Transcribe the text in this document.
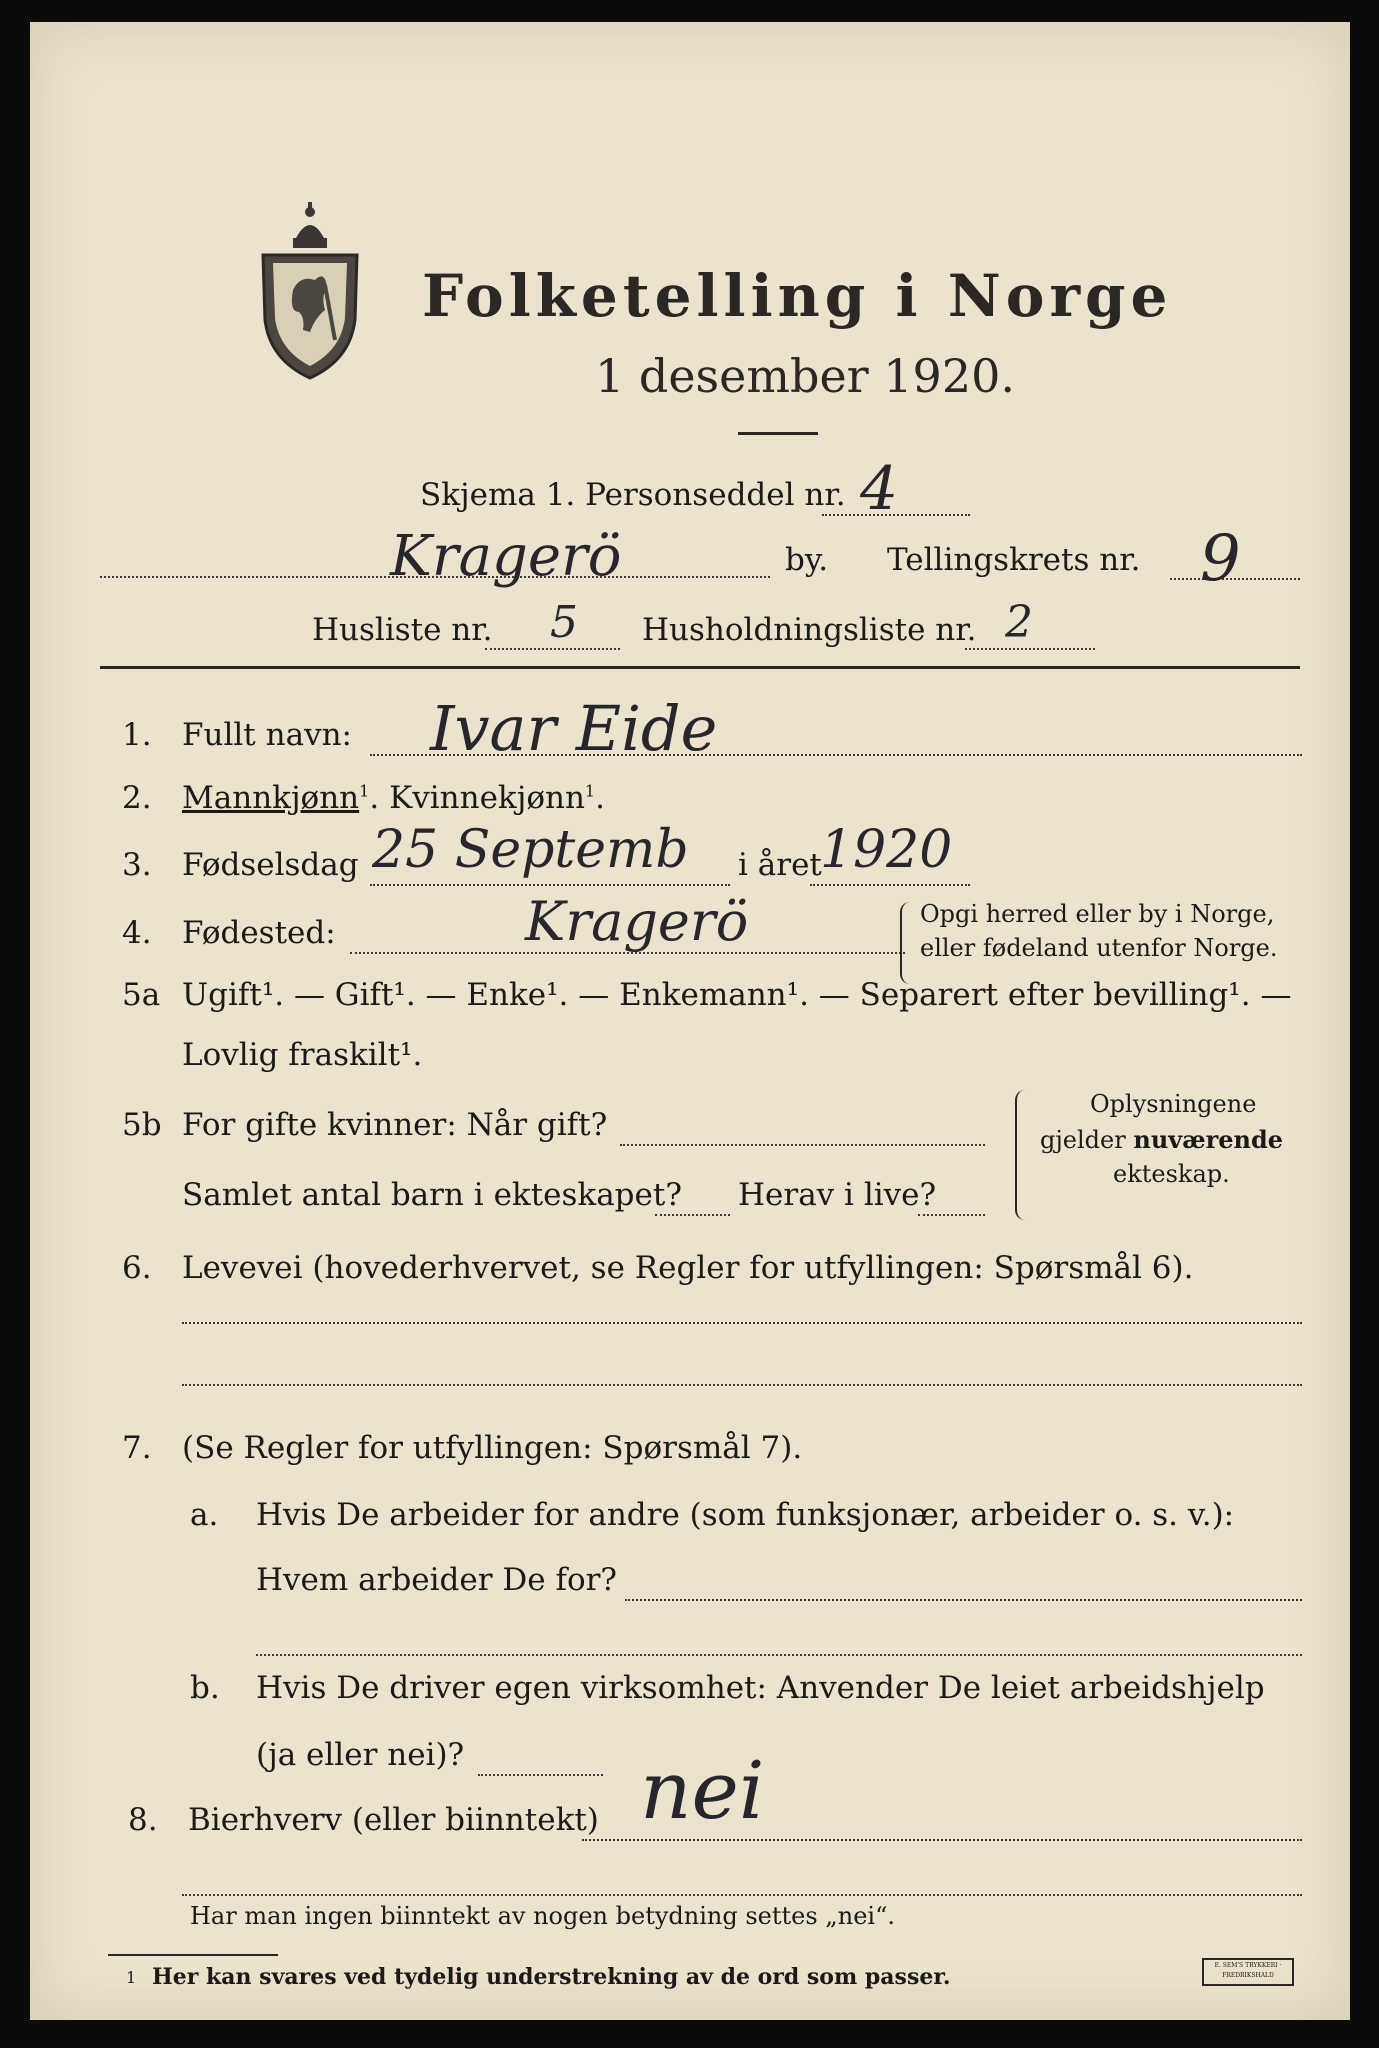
Folketelling i Norge
1 desember 1920.
Skjema 1. Personseddel nr. 4
Kragerö	by. Tellingskrets nr. 9
Husliste nr. 5 Husholdningsliste nr. 2
1. Fullt navn: Ivar Eide
2. Mannkjønn$^1$. Kvinnekjønn$^1$.
3. Fødselsdag 25 Septemb i året
1920
4. Fødested:	Kragerö	Opgi herred eller by i Norge,
eller fødeland utenfor Norge.
5a Ugift¹. — Gift¹. — Enke¹. — Enkemann¹. — Separert efter bevilling¹. —
Lovlig fraskilt¹.
5b For gifte kvinner: Når gift?
Samlet antal barn i ekteskapet? Herav i live?
Oplysningene
gjelder nuværende
ekteskap.
6. Levevei (hovederhvervet, se Regler for utfyllingen: Spørsmål 6).
7. (Se Regler for utfyllingen: Spørsmål 7).
a. Hvis De arbeider for andre (som funksjonær, arbeider o. s. v.):
Hvem arbeider De for?
b. Hvis De driver egen virksomhet: Anvender De leiet arbeidshjelp
(ja eller nei)?
8. Bierhverv (eller biinntekt) nei
Har man ingen biinntekt av nogen betydning settes „nei“.
1 Her kan svares ved tydelig understrekning av de ord som passer.	E. SEM'S TRYKKERI · FREDRIKSHALD
